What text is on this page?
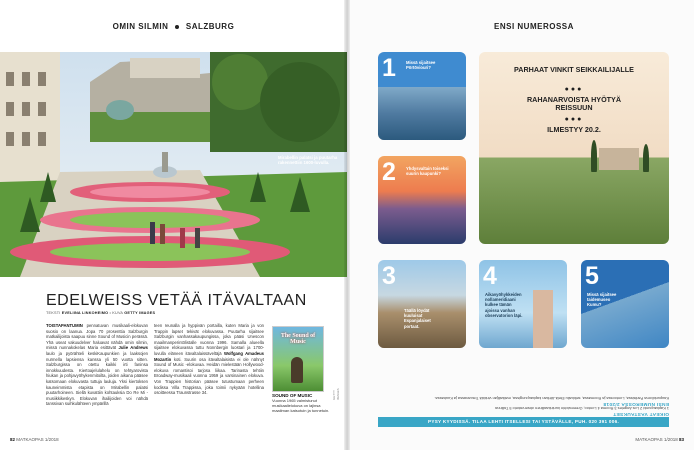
OMIN SILMIN SALZBURG
Mirabellin palatsi ja puutarha rakennettiin 1600-luvulla.
EDELWEISS VETÄÄ ITÄVALTAAN
TEKSTI EVELIINA LINKOHEIMO • KUVA GETTY IMAGES
TOISTAPANTUMIN pennatuvan musikaali-elokuvan suosio on laanua. Jopa 70 prosenttia Salzburgin matkailijoista saapuu sinne Sound of Musicin perässä. Yhä useat vakuudelver haluavat nähdä omin silmin, missä nunnakokelas Maria esittävät Julie Andrews laulo ja pyörähteli keskiKaupunkien ja laaksojen nurmella lapsiensa kanssa yli 50 vuotta sitten. Salzburgissa on otettu kaikki irti faninsa innokkuudesta. Kiertoajelulahelu on tehtyarovista hiukan ja pohjavyöhykenmitoilta, joiden aikana pääsee katsomaan elokuvasta tuttuja lauluja. Yksi kiertoksen kauneimmista etapista on Mirabellin palatsi puutarhoineen. Siellä kuvattiin kohtauksia Do Re Mi -musiikkikeskyn. Elokuvan ihailijoiden voi nähdä tanssivan suihkulähteen ympärillä
teen reunalla ja hyppivän portailla, kuten Maria ja von Trappin lapset tekivät elokuvassa. Puutarha sijaitsee Salzburgin vanhassakaupungissa, joka pääsi Unescon maailmanperintölistalle vuonna 1996. Samalla alueella sijaitsee elokuvassa tuttu Nonnbergin luostari ja 1700-luvulla eläneen itävaltalaissäveltäjä Wolfgang Amadeus Mozartin koti. Suurin osa itävaltalaisista ei ole nähnyt Sound of Music -elokuvaa. Heidän mielestään Hollywood-elokuva romantisoi tarjosa liikaa. Tarinasta tehtiin Broadway-musikaali vuonna 1959 ja varsinainen elokuva. Von Trappien historian pääsee tutustumaan perheen kodissa Villa Trappissa, joka toimii nykyään hotellina osoitteessa Traunstrasse 34.
The Sound of Music
SOUND OF MUSIC
Vuonna 1965 valmistunut musikaalielokuva on lajinsa maailman katsotuin ja tunnetuin.
GETTY IMAGES
82 MATKAOPAS 1/2018
ENSI NUMEROSSA
1 Missä sijaitsee Pörtöviouri?
2 Yhdysvaltain toiseksi suurin kaupunki?
PARHAAT VINKIT SEIKKAILIJALLE
●●●
RAHANARVOISTA HYÖTYÄ REISSUUN
●●●
ILMESTYY 20.2.
3
Täällä löydät kuuluisat Espanjalaiset portaat.
4
Aikavyöhykkeiden nollameridiaani kulkee tämän ajoissa vanhan observatorion läpi.
5
Missä sijaitsee taidemuseo Kumu?
OIKEAT VASTAUKSET
1 Kapkaupunki 2 Los Angeles 3 Rooma 4 Lontoo, Greenwichin kuninkaallinen observatorio 5 Tallinna
ENSI NUMEROSSA 2/2018
Kaupunkiloma Pariisissa, Lontoossa ja Roomassa, seikkailu Etelä-Afrikan kapkaupungissa, matkailijan vinkkiä Toscanassa ja Kuubassa.
PYSY KYYDISSÄ. TILAA LEHTI ITSELLESI TAI YSTÄVÄLLE, PUH. 020 391 006.
MATKAOPAS 1/2018 83
